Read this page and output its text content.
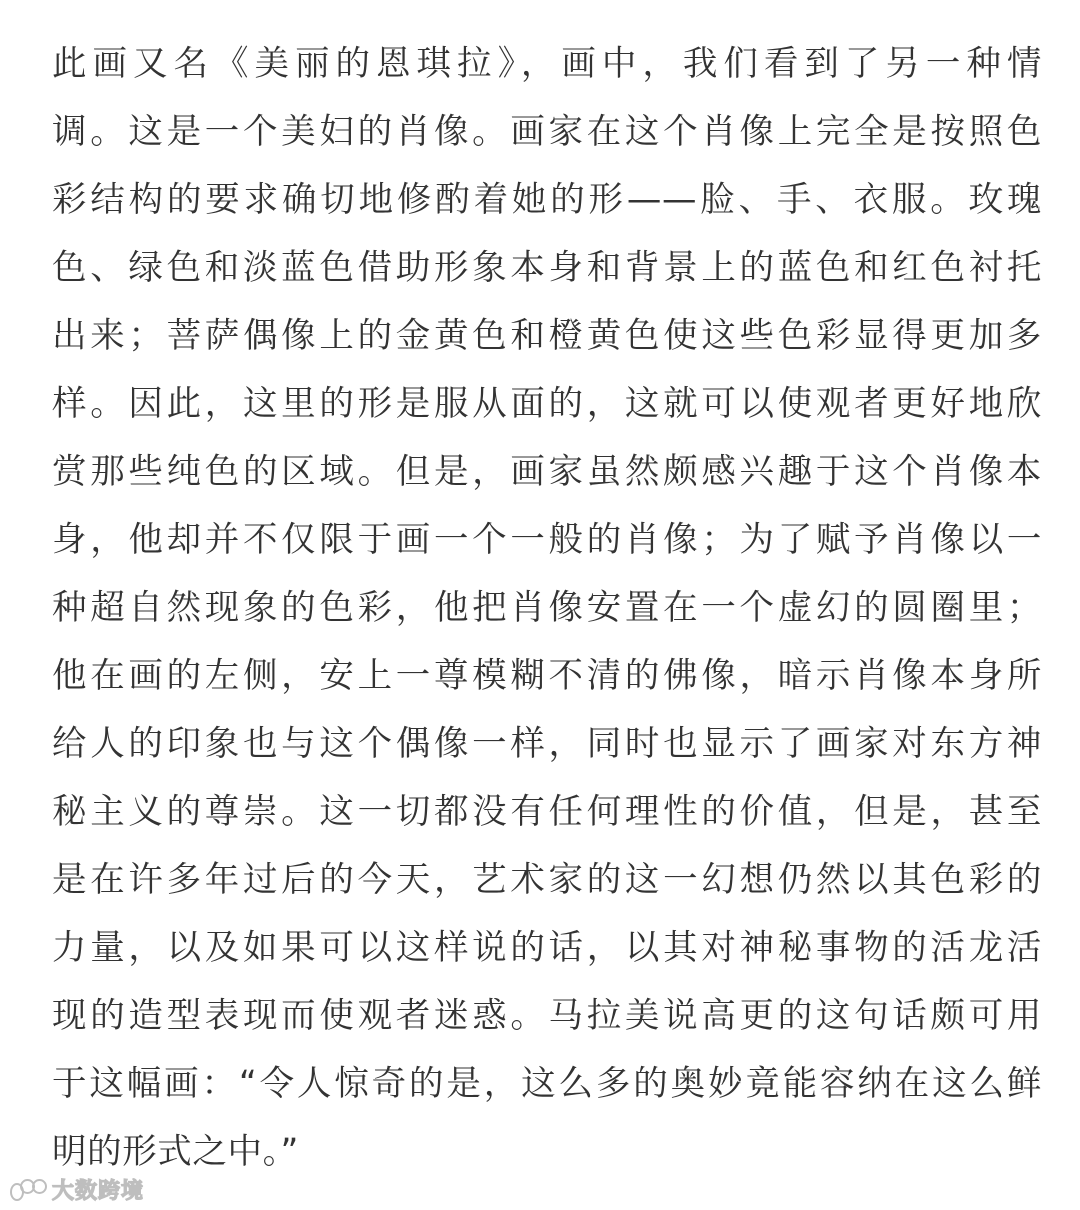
此画又名《美丽的恩琪拉》，画中，我们看到了另一种情
调。这是一个美妇的肖像。画家在这个肖像上完全是按照色
彩结构的要求确切地修酌着她的形——脸、手、衣服。玫瑰
色、绿色和淡蓝色借助形象本身和背景上的蓝色和红色衬托
出来；菩萨偶像上的金黄色和橙黄色使这些色彩显得更加多
样。因此，这里的形是服从面的，这就可以使观者更好地欣
赏那些纯色的区域。但是，画家虽然颇感兴趣于这个肖像本
身，他却并不仅限于画一个一般的肖像；为了赋予肖像以一
种超自然现象的色彩，他把肖像安置在一个虚幻的圆圈里；
他在画的左侧，安上一尊模糊不清的佛像，暗示肖像本身所
给人的印象也与这个偶像一样，同时也显示了画家对东方神
秘主义的尊崇。这一切都没有任何理性的价值，但是，甚至
是在许多年过后的今天，艺术家的这一幻想仍然以其色彩的
力量，以及如果可以这样说的话，以其对神秘事物的活龙活
现的造型表现而使观者迷惑。马拉美说高更的这句话颇可用
于这幅画：“令人惊奇的是，这么多的奥妙竟能容纳在这么鲜
明的形式之中。”
大数跨境
